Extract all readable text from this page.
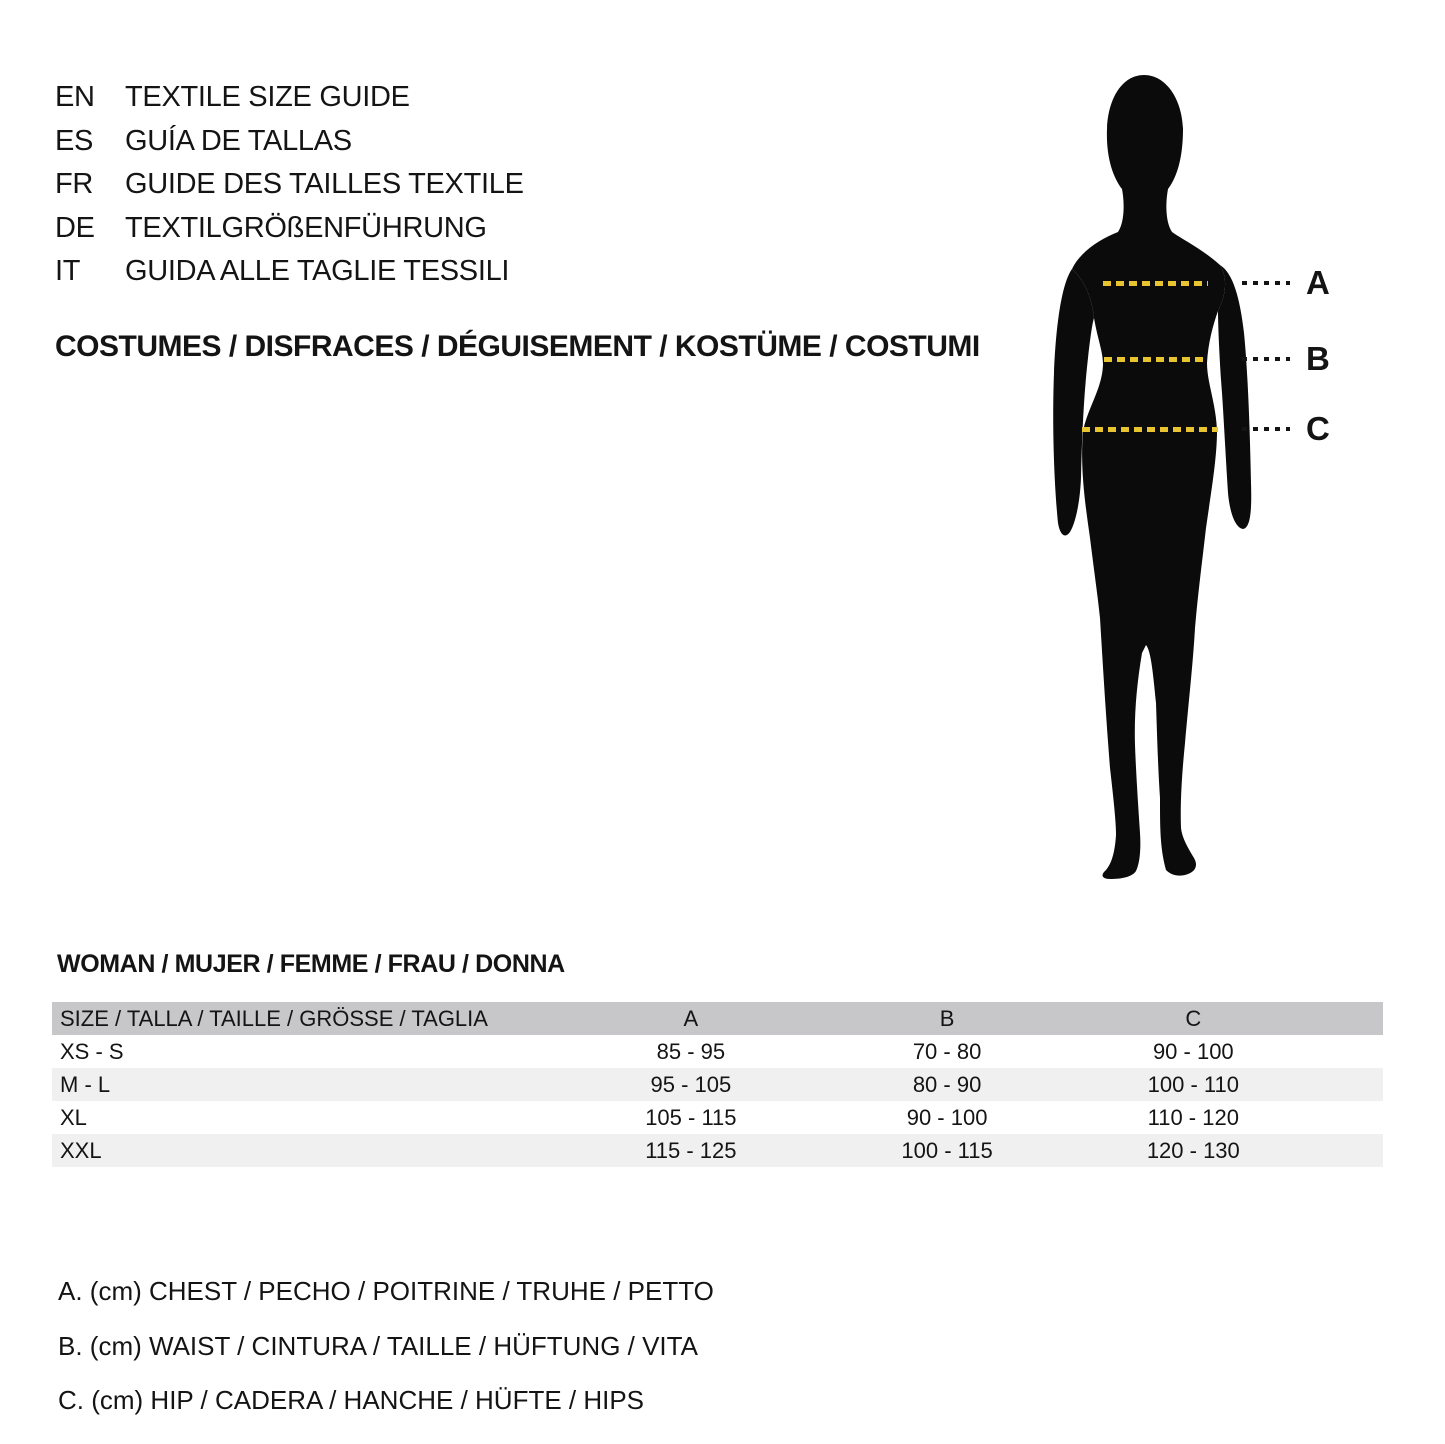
EN	TEXTILE SIZE GUIDE
ES	GUÍA DE TALLAS
FR	GUIDE DES TAILLES TEXTILE
DE	TEXTILGRÖßENFÜHRUNG
IT	GUIDA ALLE TAGLIE TESSILI
COSTUMES / DISFRACES / DÉGUISEMENT / KOSTÜME / COSTUMI
A
B
C
WOMAN / MUJER / FEMME / FRAU / DONNA
SIZE / TALLA / TAILLE / GRÖSSE / TAGLIA	A	B	C	
XS - S	85 - 95	70 - 80	90 - 100	
M - L	95 - 105	80 - 90	100 - 110	
XL	105 - 115	90 - 100	110 - 120	
XXL	115 - 125	100 - 115	120 - 130	
A. (cm) CHEST / PECHO / POITRINE / TRUHE / PETTO
B. (cm) WAIST / CINTURA / TAILLE / HÜFTUNG / VITA
C. (cm) HIP / CADERA / HANCHE / HÜFTE / HIPS
